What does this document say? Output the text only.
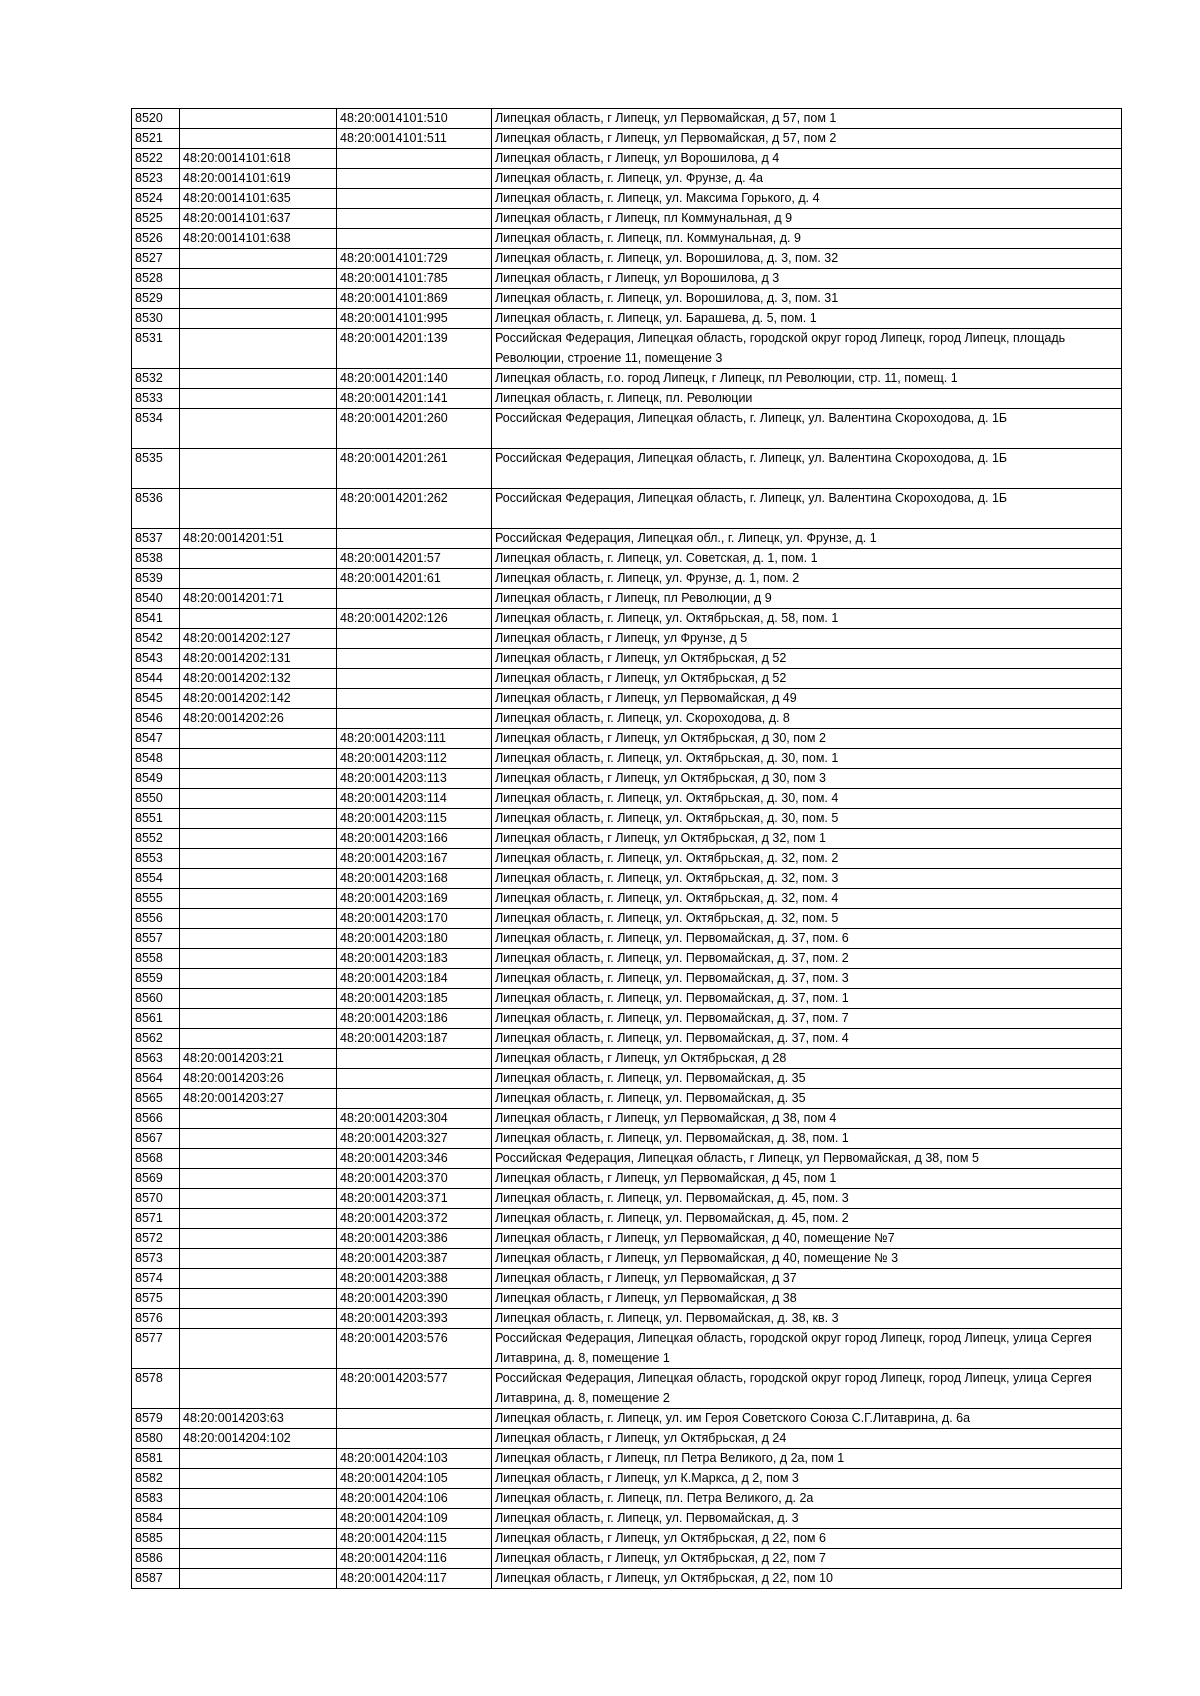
8520		48:20:0014101:510	Липецкая область, г Липецк, ул Первомайская, д 57, пом 1
8521		48:20:0014101:511	Липецкая область, г Липецк, ул Первомайская, д 57, пом 2
8522	48:20:0014101:618		Липецкая область, г Липецк, ул Ворошилова, д 4
8523	48:20:0014101:619		Липецкая область, г. Липецк, ул. Фрунзе, д. 4а
8524	48:20:0014101:635		Липецкая область, г. Липецк, ул. Максима Горького, д. 4
8525	48:20:0014101:637		Липецкая область, г Липецк, пл Коммунальная, д 9
8526	48:20:0014101:638		Липецкая область, г. Липецк, пл. Коммунальная, д. 9
8527		48:20:0014101:729	Липецкая область, г. Липецк, ул. Ворошилова, д. 3, пом. 32
8528		48:20:0014101:785	Липецкая область, г Липецк, ул Ворошилова, д 3
8529		48:20:0014101:869	Липецкая область, г. Липецк, ул. Ворошилова, д. 3, пом. 31
8530		48:20:0014101:995	Липецкая область, г. Липецк, ул. Барашева, д. 5, пом. 1
8531		48:20:0014201:139	Российская Федерация, Липецкая область, городской округ город Липецк, город Липецк, площадь Революции, строение 11, помещение 3
8532		48:20:0014201:140	Липецкая область, г.о. город Липецк, г Липецк, пл Революции, стр. 11, помещ. 1
8533		48:20:0014201:141	Липецкая область, г. Липецк, пл. Революции
8534		48:20:0014201:260	Российская Федерация, Липецкая область, г. Липецк, ул. Валентина Скороходова, д. 1Б
8535		48:20:0014201:261	Российская Федерация, Липецкая область, г. Липецк, ул. Валентина Скороходова, д. 1Б
8536		48:20:0014201:262	Российская Федерация, Липецкая область, г. Липецк, ул. Валентина Скороходова, д. 1Б
8537	48:20:0014201:51		Российская Федерация, Липецкая обл., г. Липецк, ул. Фрунзе, д. 1
8538		48:20:0014201:57	Липецкая область, г. Липецк, ул. Советская, д. 1, пом. 1
8539		48:20:0014201:61	Липецкая область, г. Липецк, ул. Фрунзе, д. 1, пом. 2
8540	48:20:0014201:71		Липецкая область, г Липецк, пл Революции, д 9
8541		48:20:0014202:126	Липецкая область, г. Липецк, ул. Октябрьская, д. 58, пом. 1
8542	48:20:0014202:127		Липецкая область, г Липецк, ул Фрунзе, д 5
8543	48:20:0014202:131		Липецкая область, г Липецк, ул Октябрьская, д 52
8544	48:20:0014202:132		Липецкая область, г Липецк, ул Октябрьская, д 52
8545	48:20:0014202:142		Липецкая область, г Липецк, ул Первомайская, д 49
8546	48:20:0014202:26		Липецкая область, г. Липецк, ул. Скороходова, д. 8
8547		48:20:0014203:111	Липецкая область, г Липецк, ул Октябрьская, д 30, пом 2
8548		48:20:0014203:112	Липецкая область, г. Липецк, ул. Октябрьская, д. 30, пом. 1
8549		48:20:0014203:113	Липецкая область, г Липецк, ул Октябрьская, д 30, пом 3
8550		48:20:0014203:114	Липецкая область, г. Липецк, ул. Октябрьская, д. 30, пом. 4
8551		48:20:0014203:115	Липецкая область, г. Липецк, ул. Октябрьская, д. 30, пом. 5
8552		48:20:0014203:166	Липецкая область, г Липецк, ул Октябрьская, д 32, пом 1
8553		48:20:0014203:167	Липецкая область, г. Липецк, ул. Октябрьская, д. 32, пом. 2
8554		48:20:0014203:168	Липецкая область, г. Липецк, ул. Октябрьская, д. 32, пом. 3
8555		48:20:0014203:169	Липецкая область, г. Липецк, ул. Октябрьская, д. 32, пом. 4
8556		48:20:0014203:170	Липецкая область, г. Липецк, ул. Октябрьская, д. 32, пом. 5
8557		48:20:0014203:180	Липецкая область, г. Липецк, ул. Первомайская, д. 37, пом. 6
8558		48:20:0014203:183	Липецкая область, г. Липецк, ул. Первомайская, д. 37, пом. 2
8559		48:20:0014203:184	Липецкая область, г. Липецк, ул. Первомайская, д. 37, пом. 3
8560		48:20:0014203:185	Липецкая область, г. Липецк, ул. Первомайская, д. 37, пом. 1
8561		48:20:0014203:186	Липецкая область, г. Липецк, ул. Первомайская, д. 37, пом. 7
8562		48:20:0014203:187	Липецкая область, г. Липецк, ул. Первомайская, д. 37, пом. 4
8563	48:20:0014203:21		Липецкая область, г Липецк, ул Октябрьская, д 28
8564	48:20:0014203:26		Липецкая область, г. Липецк, ул. Первомайская, д. 35
8565	48:20:0014203:27		Липецкая область, г. Липецк, ул. Первомайская, д. 35
8566		48:20:0014203:304	Липецкая область, г Липецк, ул Первомайская, д 38, пом 4
8567		48:20:0014203:327	Липецкая область, г. Липецк, ул. Первомайская, д. 38, пом. 1
8568		48:20:0014203:346	Российская Федерация, Липецкая область, г Липецк, ул Первомайская, д 38, пом 5
8569		48:20:0014203:370	Липецкая область, г Липецк, ул Первомайская, д 45, пом 1
8570		48:20:0014203:371	Липецкая область, г. Липецк, ул. Первомайская, д. 45, пом. 3
8571		48:20:0014203:372	Липецкая область, г. Липецк, ул. Первомайская, д. 45, пом. 2
8572		48:20:0014203:386	Липецкая область, г Липецк, ул Первомайская, д 40, помещение №7
8573		48:20:0014203:387	Липецкая область, г Липецк, ул Первомайская, д 40, помещение № 3
8574		48:20:0014203:388	Липецкая область, г Липецк, ул Первомайская, д 37
8575		48:20:0014203:390	Липецкая область, г Липецк, ул Первомайская, д 38
8576		48:20:0014203:393	Липецкая область, г. Липецк, ул. Первомайская, д. 38, кв. 3
8577		48:20:0014203:576	Российская Федерация, Липецкая область, городской округ город Липецк, город Липецк, улица Сергея Литаврина, д. 8, помещение 1
8578		48:20:0014203:577	Российская Федерация, Липецкая область, городской округ город Липецк, город Липецк, улица Сергея Литаврина, д. 8, помещение 2
8579	48:20:0014203:63		Липецкая область, г. Липецк, ул. им Героя Советского Союза С.Г.Литаврина, д. 6а
8580	48:20:0014204:102		Липецкая область, г Липецк, ул Октябрьская, д 24
8581		48:20:0014204:103	Липецкая область, г Липецк, пл Петра Великого, д 2а, пом 1
8582		48:20:0014204:105	Липецкая область, г Липецк, ул К.Маркса, д 2, пом 3
8583		48:20:0014204:106	Липецкая область, г. Липецк, пл. Петра Великого, д. 2а
8584		48:20:0014204:109	Липецкая область, г. Липецк, ул. Первомайская, д. 3
8585		48:20:0014204:115	Липецкая область, г Липецк, ул Октябрьская, д 22, пом 6
8586		48:20:0014204:116	Липецкая область, г Липецк, ул Октябрьская, д 22, пом 7
8587		48:20:0014204:117	Липецкая область, г Липецк, ул Октябрьская, д 22, пом 10
